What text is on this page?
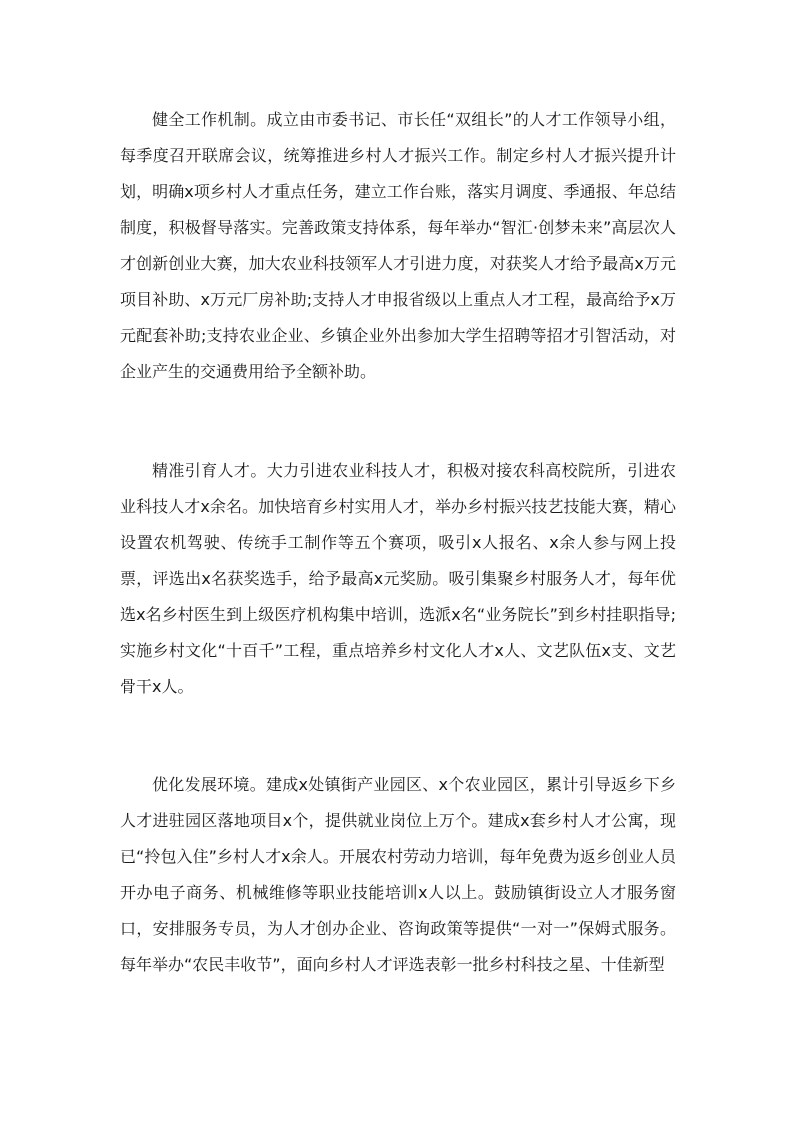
健全工作机制。成立由市委书记、市长任“双组长”的人才工作领导小组，每季度召开联席会议，统筹推进乡村人才振兴工作。制定乡村人才振兴提升计划，明确x项乡村人才重点任务，建立工作台账，落实月调度、季通报、年总结制度，积极督导落实。完善政策支持体系，每年举办“智汇·创梦未来”高层次人才创新创业大赛，加大农业科技领军人才引进力度，对获奖人才给予最高x万元项目补助、x万元厂房补助;支持人才申报省级以上重点人才工程，最高给予x万元配套补助;支持农业企业、乡镇企业外出参加大学生招聘等招才引智活动，对企业产生的交通费用给予全额补助。

精准引育人才。大力引进农业科技人才，积极对接农科高校院所，引进农业科技人才x余名。加快培育乡村实用人才，举办乡村振兴技艺技能大赛，精心设置农机驾驶、传统手工制作等五个赛项，吸引x人报名、x余人参与网上投票，评选出x名获奖选手，给予最高x元奖励。吸引集聚乡村服务人才，每年优选x名乡村医生到上级医疗机构集中培训，选派x名“业务院长”到乡村挂职指导;实施乡村文化“十百千”工程，重点培养乡村文化人才x人、文艺队伍x支、文艺骨干x人。

优化发展环境。建成x处镇街产业园区、x个农业园区，累计引导返乡下乡人才进驻园区落地项目x个，提供就业岗位上万个。建成x套乡村人才公寓，现已“拎包入住”乡村人才x余人。开展农村劳动力培训，每年免费为返乡创业人员开办电子商务、机械维修等职业技能培训x人以上。鼓励镇街设立人才服务窗口，安排服务专员，为人才创办企业、咨询政策等提供“一对一”保姆式服务。每年举办“农民丰收节”，面向乡村人才评选表彰一批乡村科技之星、十佳新型
